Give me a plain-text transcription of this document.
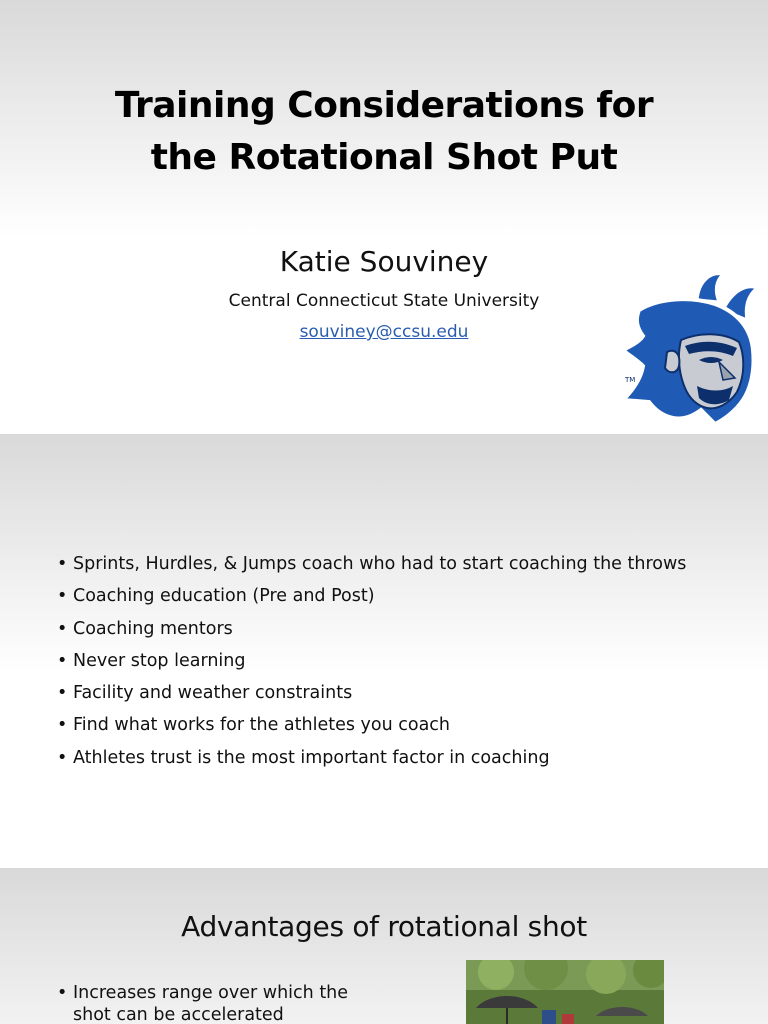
Training Considerations for
the Rotational Shot Put
Katie Souviney
Central Connecticut State University
souviney@ccsu.edu
TM
• Sprints, Hurdles, & Jumps coach who had to start coaching the throws
• Coaching education (Pre and Post)
• Coaching mentors
• Never stop learning
• Facility and weather constraints
• Find what works for the athletes you coach
• Athletes trust is the most important factor in coaching
Advantages of rotational shot
• Increases range over which the shot can be accelerated
